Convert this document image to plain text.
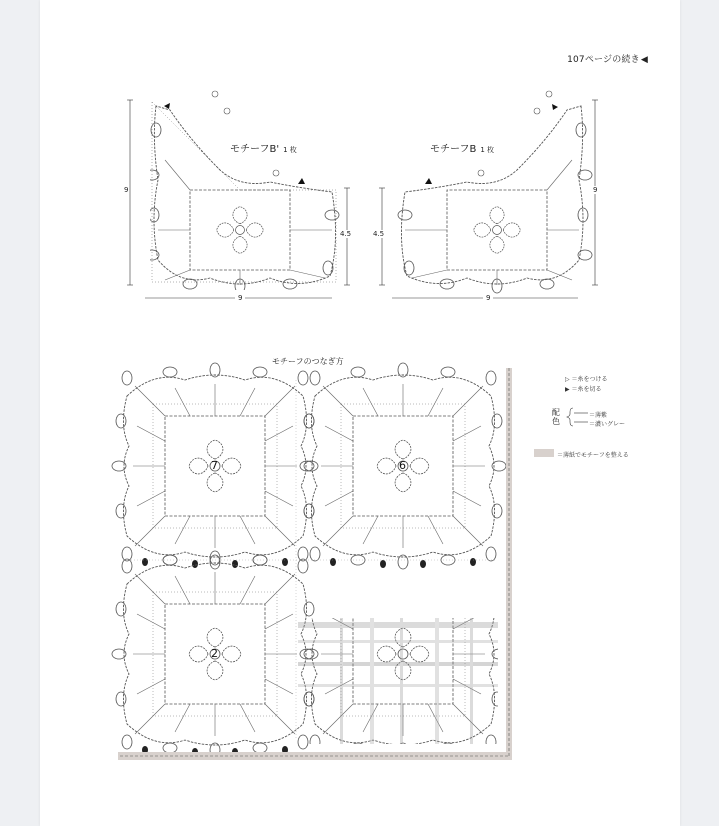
107ページの続き◀
モチーフB' 1 枚	モチーフB 1 枚
9
4.5
9
4.5
9
9
モチーフのつなぎ方
7	6
2
▷ ＝糸をつける
▶ ＝糸を切る
配色
＝薄紫
＝濃いグレー
＝薄紙でモチーフを整える
